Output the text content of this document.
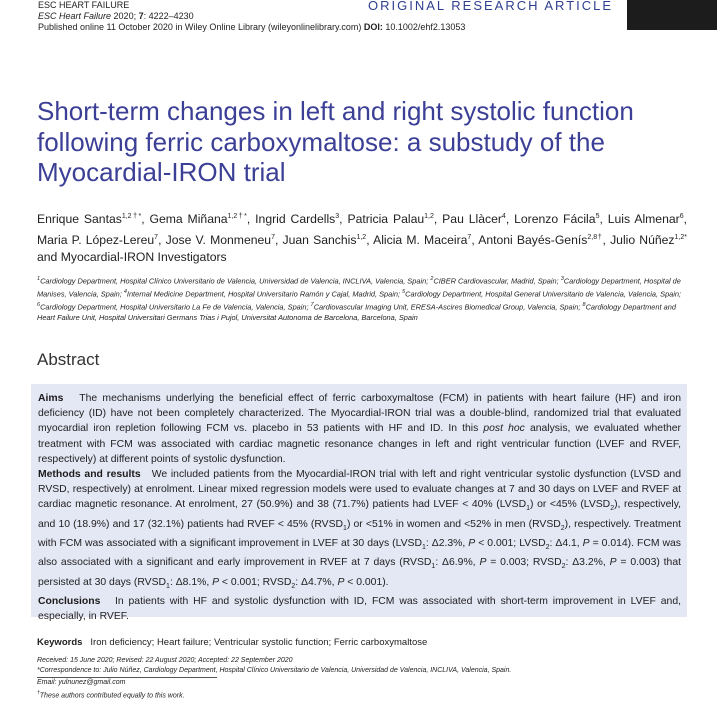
ESC HEART FAILURE
ESC Heart Failure 2020; 7: 4222–4230
Published online 11 October 2020 in Wiley Online Library (wileyonlinelibrary.com) DOI: 10.1002/ehf2.13053
ORIGINAL RESEARCH ARTICLE
Short-term changes in left and right systolic function following ferric carboxymaltose: a substudy of the Myocardial-IRON trial
Enrique Santas$^{1,2\dagger*}$, Gema Miñana$^{1,2\dagger*}$, Ingrid Cardells$^3$, Patricia Palau$^{1,2}$, Pau Llàcer$^4$, Lorenzo Fácila$^5$, Luis Almenar$^6$, Maria P. López-Lereu$^7$, Jose V. Monmeneu$^7$, Juan Sanchis$^{1,2}$, Alicia M. Maceira$^7$, Antoni Bayés-Genís$^{2,8\dagger}$, Julio Núñez$^{1,2*}$ and Myocardial-IRON Investigators
$^1$Cardiology Department, Hospital Clínico Universitario de Valencia, Universidad de Valencia, INCLIVA, Valencia, Spain; $^2$CIBER Cardiovascular, Madrid, Spain; $^3$Cardiology Department, Hospital de Manises, Valencia, Spain; $^4$Internal Medicine Department, Hospital Universitario Ramón y Cajal, Madrid, Spain; $^5$Cardiology Department, Hospital General Universitario de Valencia, Valencia, Spain; $^6$Cardiology Department, Hospital Universitario La Fe de Valencia, Valencia, Spain; $^7$Cardiovascular Imaging Unit, ERESA-Ascires Biomedical Group, Valencia, Spain; $^8$Cardiology Department and Heart Failure Unit, Hospital Universitari Germans Trias i Pujol, Universitat Autonoma de Barcelona, Barcelona, Spain
Abstract

Aims The mechanisms underlying the beneficial effect of ferric carboxymaltose (FCM) in patients with heart failure (HF) and iron deficiency (ID) have not been completely characterized. The Myocardial-IRON trial was a double-blind, randomized trial that evaluated myocardial iron repletion following FCM vs. placebo in 53 patients with HF and ID. In this post hoc analysis, we evaluated whether treatment with FCM was associated with cardiac magnetic resonance changes in left and right ventricular function (LVEF and RVEF, respectively) at different points of systolic dysfunction.

Methods and results We included patients from the Myocardial-IRON trial with left and right ventricular systolic dysfunction (LVSD and RVSD, respectively) at enrolment. Linear mixed regression models were used to evaluate changes at 7 and 30 days on LVEF and RVEF at cardiac magnetic resonance. At enrolment, 27 (50.9%) and 38 (71.7%) patients had LVEF < 40% $(LVSD_1)$ or <45% $(LVSD_2)$, respectively, and 10 (18.9%) and 17 (32.1%) patients had RVEF < 45% $(RVSD_1)$ or <51% in women and <52% in men $(RVSD_2)$, respectively. Treatment with FCM was associated with a significant improvement in LVEF at 30 days ($LVSD_1$: Δ2.3%, P < 0.001; $LVSD_2$: Δ4.1, P = 0.014). FCM was also associated with a significant and early improvement in RVEF at 7 days ($RVSD_1$: Δ6.9%, P = 0.003; $RVSD_2$: Δ3.2%, P = 0.003) that persisted at 30 days ($RVSD_1$: Δ8.1%, P < 0.001; $RVSD_2$: Δ4.7%, P < 0.001).

Conclusions In patients with HF and systolic dysfunction with ID, FCM was associated with short-term improvement in LVEF and, especially, in RVEF.

Keywords Iron deficiency; Heart failure; Ventricular systolic function; Ferric carboxymaltose
Received: 15 June 2020; Revised: 22 August 2020; Accepted: 22 September 2020
*Correspondence to: Julio Núñez, Cardiology Department, Hospital Clínico Universitario de Valencia, Universidad de Valencia, INCLIVA, Valencia, Spain.
Email: yulnunez@gmail.com
†These authors contributed equally to this work.
